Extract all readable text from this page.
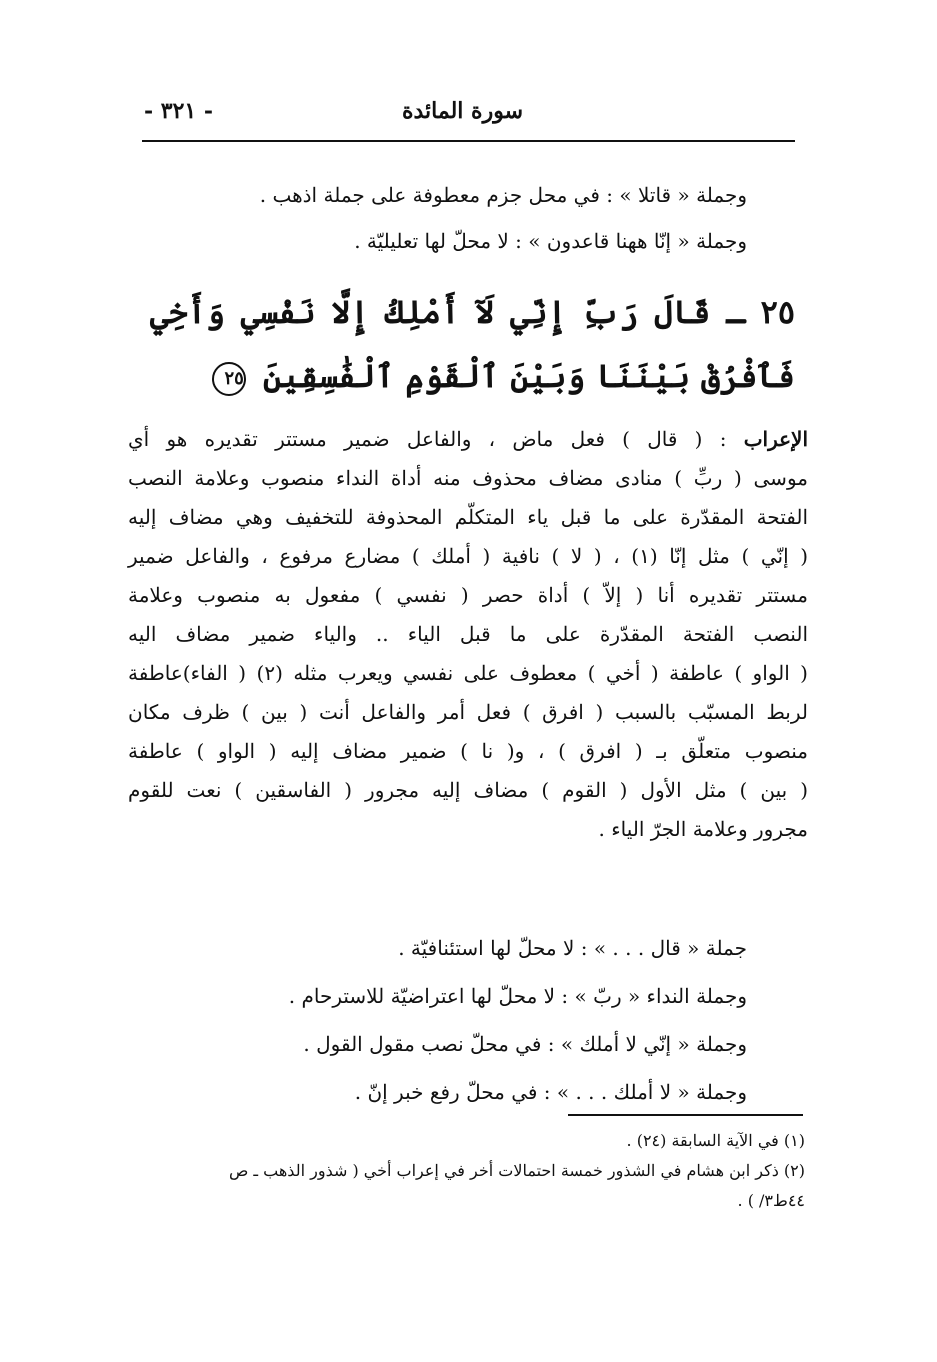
سورة المائدة
- ٣٢١ -
وجملة « قاتلا » : في محل جزم معطوفة على جملة اذهب .
وجملة « إنّا ههنا قاعدون » : لا محلّ لها تعليليّة .
٢٥ ـ قَالَ رَبِّ إِنِّي لَآ أَمْلِكُ إِلَّا نَفْسِي وَأَخِي فَٱفْرُقْ بَيْنَنَا وَبَيْنَ ٱلْقَوْمِ ٱلْفَٰسِقِينَ ٢٥
الإعراب : ( قال ) فعل ماض ، والفاعل ضمير مستتر تقديره هو أي
موسى ( ربِّ ) منادى مضاف محذوف منه أداة النداء منصوب وعلامة النصب
الفتحة المقدّرة على ما قبل ياء المتكلّم المحذوفة للتخفيف وهي مضاف إليه
( إنّي ) مثل إنّا (١) ، ( لا ) نافية ( أملك ) مضارع مرفوع ، والفاعل ضمير
مستتر تقديره أنا ( إلاّ ) أداة حصر ( نفسي ) مفعول به منصوب وعلامة
النصب الفتحة المقدّرة على ما قبل الياء .. والياء ضمير مضاف اليه
( الواو ) عاطفة ( أخي ) معطوف على نفسي ويعرب مثله (٢) ( الفاء)عاطفة
لربط المسبّب بالسبب ( افرق ) فعل أمر والفاعل أنت ( بين ) ظرف مكان
منصوب متعلّق بـ ( افرق ) ، و( نا ) ضمير مضاف إليه ( الواو ) عاطفة
( بين ) مثل الأول ( القوم ) مضاف إليه مجرور ( الفاسقين ) نعت للقوم
مجرور وعلامة الجرّ الياء .
جملة « قال . . . » : لا محلّ لها استئنافيّة .
وجملة النداء « ربّ » : لا محلّ لها اعتراضيّة للاسترحام .
وجملة « إنّي لا أملك » : في محلّ نصب مقول القول .
وجملة « لا أملك . . . » : في محلّ رفع خبر إنّ .
(١) في الآية السابقة (٢٤) .
(٢) ذكر ابن هشام في الشذور خمسة احتمالات أخر في إعراب أخي ( شذور الذهب ـ ص
٤٤ط٣/ ) .
